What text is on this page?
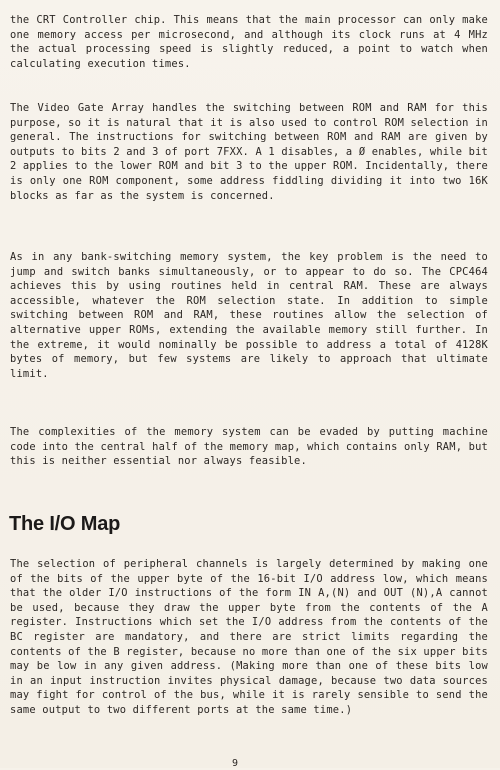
the CRT Controller chip. This means that the main processor can only make one memory access per microsecond, and although its clock runs at 4 MHz the actual processing speed is slightly reduced, a point to watch when calculating execution times.

The Video Gate Array handles the switching between ROM and RAM for this purpose, so it is natural that it is also used to control ROM selection in general. The instructions for switching between ROM and RAM are given by outputs to bits 2 and 3 of port 7FXX. A 1 disables, a Ø enables, while bit 2 applies to the lower ROM and bit 3 to the upper ROM. Incidentally, there is only one ROM component, some address fiddling dividing it into two 16K blocks as far as the system is concerned.

As in any bank-switching memory system, the key problem is the need to jump and switch banks simultaneously, or to appear to do so. The CPC464 achieves this by using routines held in central RAM. These are always accessible, whatever the ROM selection state. In addition to simple switching between ROM and RAM, these routines allow the selection of alternative upper ROMs, extending the available memory still further. In the extreme, it would nominally be possible to address a total of 4128K bytes of memory, but few systems are likely to approach that ultimate limit.

The complexities of the memory system can be evaded by putting machine code into the central half of the memory map, which contains only RAM, but this is neither essential nor always feasible.

The I/O Map

The selection of peripheral channels is largely determined by making one of the bits of the upper byte of the 16-bit I/O address low, which means that the older I/O instructions of the form IN A,(N) and OUT (N),A cannot be used, because they draw the upper byte from the contents of the A register. Instructions which set the I/O address from the contents of the BC register are mandatory, and there are strict limits regarding the contents of the B register, because no more than one of the six upper bits may be low in any given address. (Making more than one of these bits low in an input instruction invites physical damage, because two data sources may fight for control of the bus, while it is rarely sensible to send the same output to two different ports at the same time.)

9
